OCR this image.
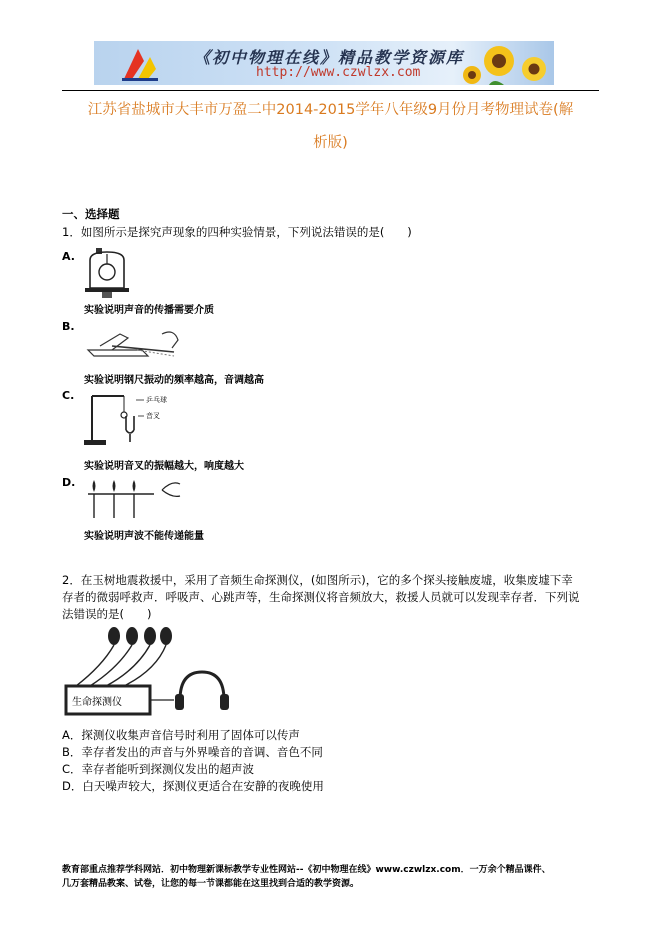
《初中物理在线》精品教学资源库
http://www.czwlzx.com
江苏省盐城市大丰市万盈二中2014-2015学年八年级9月份月考物理试卷(解
析版)
一、选择题
1．如图所示是探究声现象的四种实验情景，下列说法错误的是(　　)
A.
实验说明声音的传播需要介质
B.
实验说明钢尺振动的频率越高，音调越高
C.	乒乓球
音叉
实验说明音叉的振幅越大，响度越大
D.
实验说明声波不能传递能量
2．在玉树地震救援中，采用了音频生命探测仪，(如图所示)，它的多个探头接触废墟，收集废墟下幸
存者的微弱呼救声．呼吸声、心跳声等，生命探测仪将音频放大，救援人员就可以发现幸存者．下列说
法错误的是(　　)
生命探测仪
A．探测仪收集声音信号时利用了固体可以传声
B．幸存者发出的声音与外界噪音的音调、音色不同
C．幸存者能听到探测仪发出的超声波
D．白天噪声较大，探测仪更适合在安静的夜晚使用
教育部重点推荐学科网站．初中物理新课标教学专业性网站--《初中物理在线》www.czwlzx.com．一万余个精品课件、
几万套精品教案、试卷，让您的每一节课都能在这里找到合适的教学资源。
